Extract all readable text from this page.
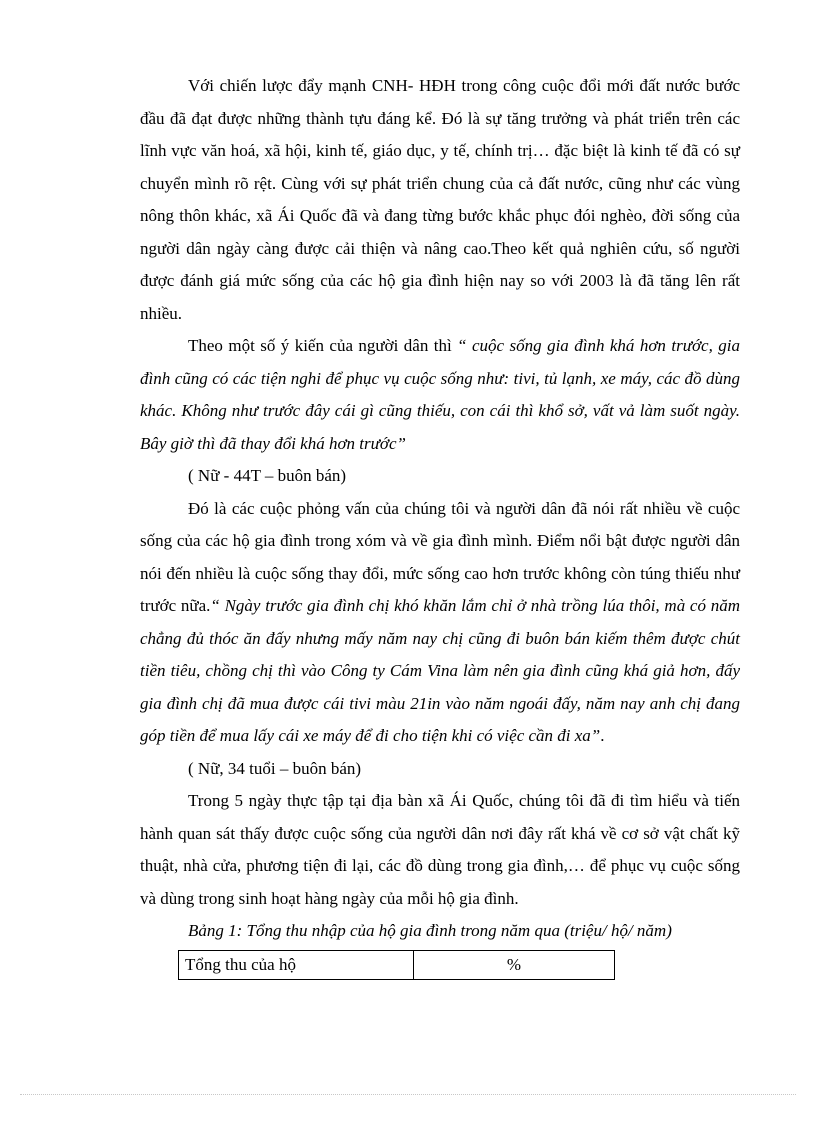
Với chiến lược đẩy mạnh CNH- HĐH trong công cuộc đổi mới đất nước bước đầu đã đạt được những thành tựu đáng kể. Đó là sự tăng trưởng và phát triển trên các lĩnh vực văn hoá, xã hội, kinh tế, giáo dục, y tế, chính trị… đặc biệt là kinh tế đã có sự chuyển mình rõ rệt. Cùng với sự phát triển chung của cả đất nước, cũng như các vùng nông thôn khác, xã Ái Quốc đã và đang từng bước khắc phục đói nghèo, đời sống của người dân ngày càng được cải thiện và nâng cao.Theo kết quả nghiên cứu, số người được đánh giá mức sống của các hộ gia đình hiện nay so với 2003 là đã tăng lên rất nhiều.

Theo một số ý kiến của người dân thì “ cuộc sống gia đình khá hơn trước, gia đình cũng có các tiện nghi để phục vụ cuộc sống như: tivi, tủ lạnh, xe máy, các đồ dùng khác. Không như trước đây cái gì cũng thiếu, con cái thì khổ sở, vất vả làm suốt ngày. Bây giờ thì đã thay đổi khá hơn trước”

( Nữ - 44T – buôn bán)

Đó là các cuộc phỏng vấn của chúng tôi và người dân đã nói rất nhiều về cuộc sống của các hộ gia đình trong xóm và về gia đình mình. Điểm nổi bật được người dân nói đến nhiều là cuộc sống thay đổi, mức sống cao hơn trước không còn túng thiếu như trước nữa.“ Ngày trước gia đình chị khó khăn lắm chỉ ở nhà trồng lúa thôi, mà có năm chẳng đủ thóc ăn đấy nhưng mấy năm nay chị cũng đi buôn bán kiếm thêm được chút tiền tiêu, chồng chị thì vào Công ty Cám Vina làm nên gia đình cũng khá giả hơn, đấy gia đình chị đã mua được cái tivi màu 21in vào năm ngoái đấy, năm nay anh chị đang góp tiền để mua lấy cái xe máy để đi cho tiện khi có việc cần đi xa”.

( Nữ, 34 tuổi – buôn bán)

Trong 5 ngày thực tập tại địa bàn xã Ái Quốc, chúng tôi đã đi tìm hiểu và tiến hành quan sát thấy được cuộc sống của người dân nơi đây rất khá về cơ sở vật chất kỹ thuật, nhà cửa, phương tiện đi lại, các đồ dùng trong gia đình,… để phục vụ cuộc sống và dùng trong sinh hoạt hàng ngày của mỗi hộ gia đình.

Bảng 1: Tổng thu nhập của hộ gia đình trong năm qua (triệu/ hộ/ năm)

Tổng thu của hộ	%
